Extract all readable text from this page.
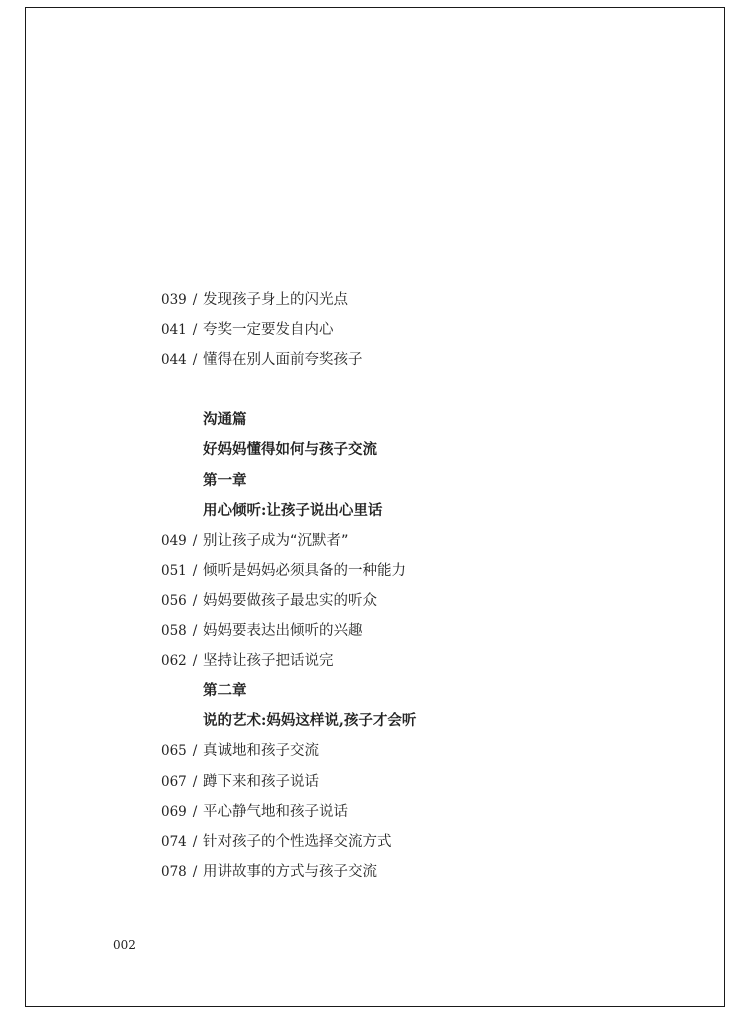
039 / 发现孩子身上的闪光点
041 / 夸奖一定要发自内心
044 / 懂得在别人面前夸奖孩子
沟通篇
好妈妈懂得如何与孩子交流
第一章
用心倾听:让孩子说出心里话
049 / 别让孩子成为“沉默者”
051 / 倾听是妈妈必须具备的一种能力
056 / 妈妈要做孩子最忠实的听众
058 / 妈妈要表达出倾听的兴趣
062 / 坚持让孩子把话说完
第二章
说的艺术:妈妈这样说,孩子才会听
065 / 真诚地和孩子交流
067 / 蹲下来和孩子说话
069 / 平心静气地和孩子说话
074 / 针对孩子的个性选择交流方式
078 / 用讲故事的方式与孩子交流
002
